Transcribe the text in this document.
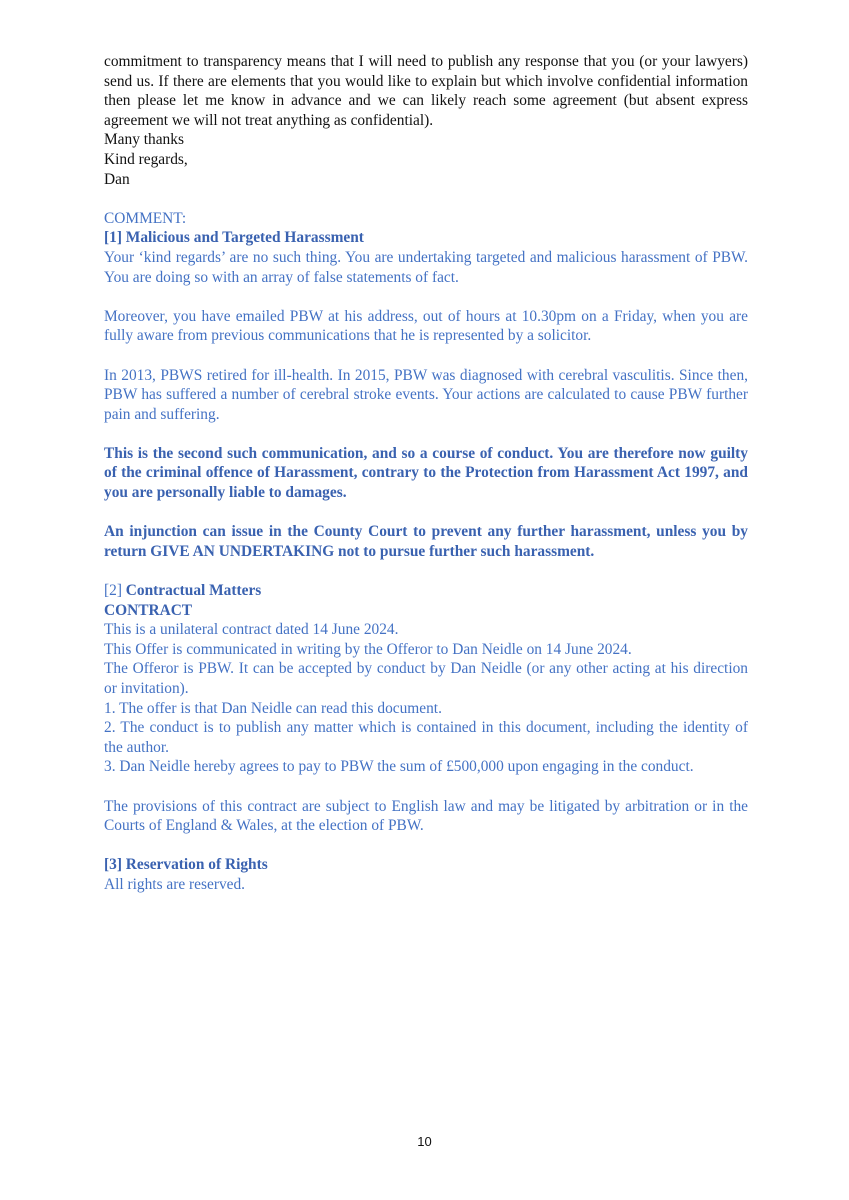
commitment to transparency means that I will need to publish any response that you (or your lawyers) send us. If there are elements that you would like to explain but which involve confidential information then please let me know in advance and we can likely reach some agreement (but absent express agreement we will not treat anything as confidential).

Many thanks

Kind regards,

Dan

COMMENT:

[1] Malicious and Targeted Harassment

Your ‘kind regards’ are no such thing. You are undertaking targeted and malicious harassment of PBW. You are doing so with an array of false statements of fact.

Moreover, you have emailed PBW at his address, out of hours at 10.30pm on a Friday, when you are fully aware from previous communications that he is represented by a solicitor.

In 2013, PBWS retired for ill-health. In 2015, PBW was diagnosed with cerebral vasculitis. Since then, PBW has suffered a number of cerebral stroke events. Your actions are calculated to cause PBW further pain and suffering.

This is the second such communication, and so a course of conduct. You are therefore now guilty of the criminal offence of Harassment, contrary to the Protection from Harassment Act 1997, and you are personally liable to damages.

An injunction can issue in the County Court to prevent any further harassment, unless you by return GIVE AN UNDERTAKING not to pursue further such harassment.

[2] Contractual Matters

CONTRACT

This is a unilateral contract dated 14 June 2024.

This Offer is communicated in writing by the Offeror to Dan Neidle on 14 June 2024.

The Offeror is PBW. It can be accepted by conduct by Dan Neidle (or any other acting at his direction or invitation).

1. The offer is that Dan Neidle can read this document.

2. The conduct is to publish any matter which is contained in this document, including the identity of the author.

3. Dan Neidle hereby agrees to pay to PBW the sum of £500,000 upon engaging in the conduct.

The provisions of this contract are subject to English law and may be litigated by arbitration or in the Courts of England & Wales, at the election of PBW.

[3] Reservation of Rights

All rights are reserved.

10
